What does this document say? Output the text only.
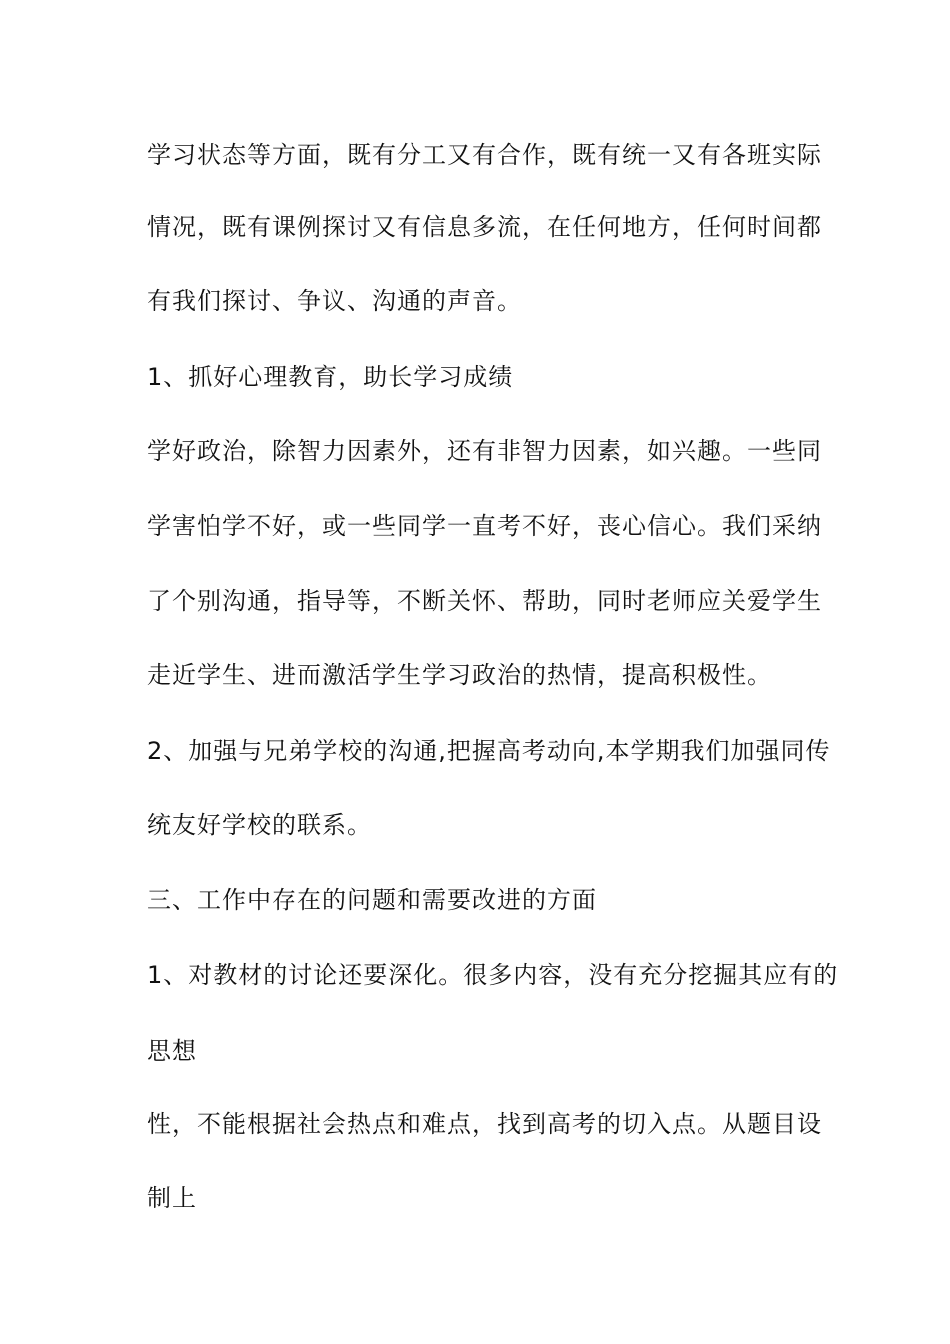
学习状态等方面，既有分工又有合作，既有统一又有各班实际
情况，既有课例探讨又有信息多流，在任何地方，任何时间都
有我们探讨、争议、沟通的声音。
1、抓好心理教育，助长学习成绩
学好政治，除智力因素外，还有非智力因素，如兴趣。一些同
学害怕学不好，或一些同学一直考不好，丧心信心。我们采纳
了个别沟通，指导等，不断关怀、帮助，同时老师应关爱学生
走近学生、进而激活学生学习政治的热情，提高积极性。
2、加强与兄弟学校的沟通,把握高考动向,本学期我们加强同传
统友好学校的联系。
三、工作中存在的问题和需要改进的方面
1、对教材的讨论还要深化。很多内容，没有充分挖掘其应有的
思想
性，不能根据社会热点和难点，找到高考的切入点。从题目设
制上
